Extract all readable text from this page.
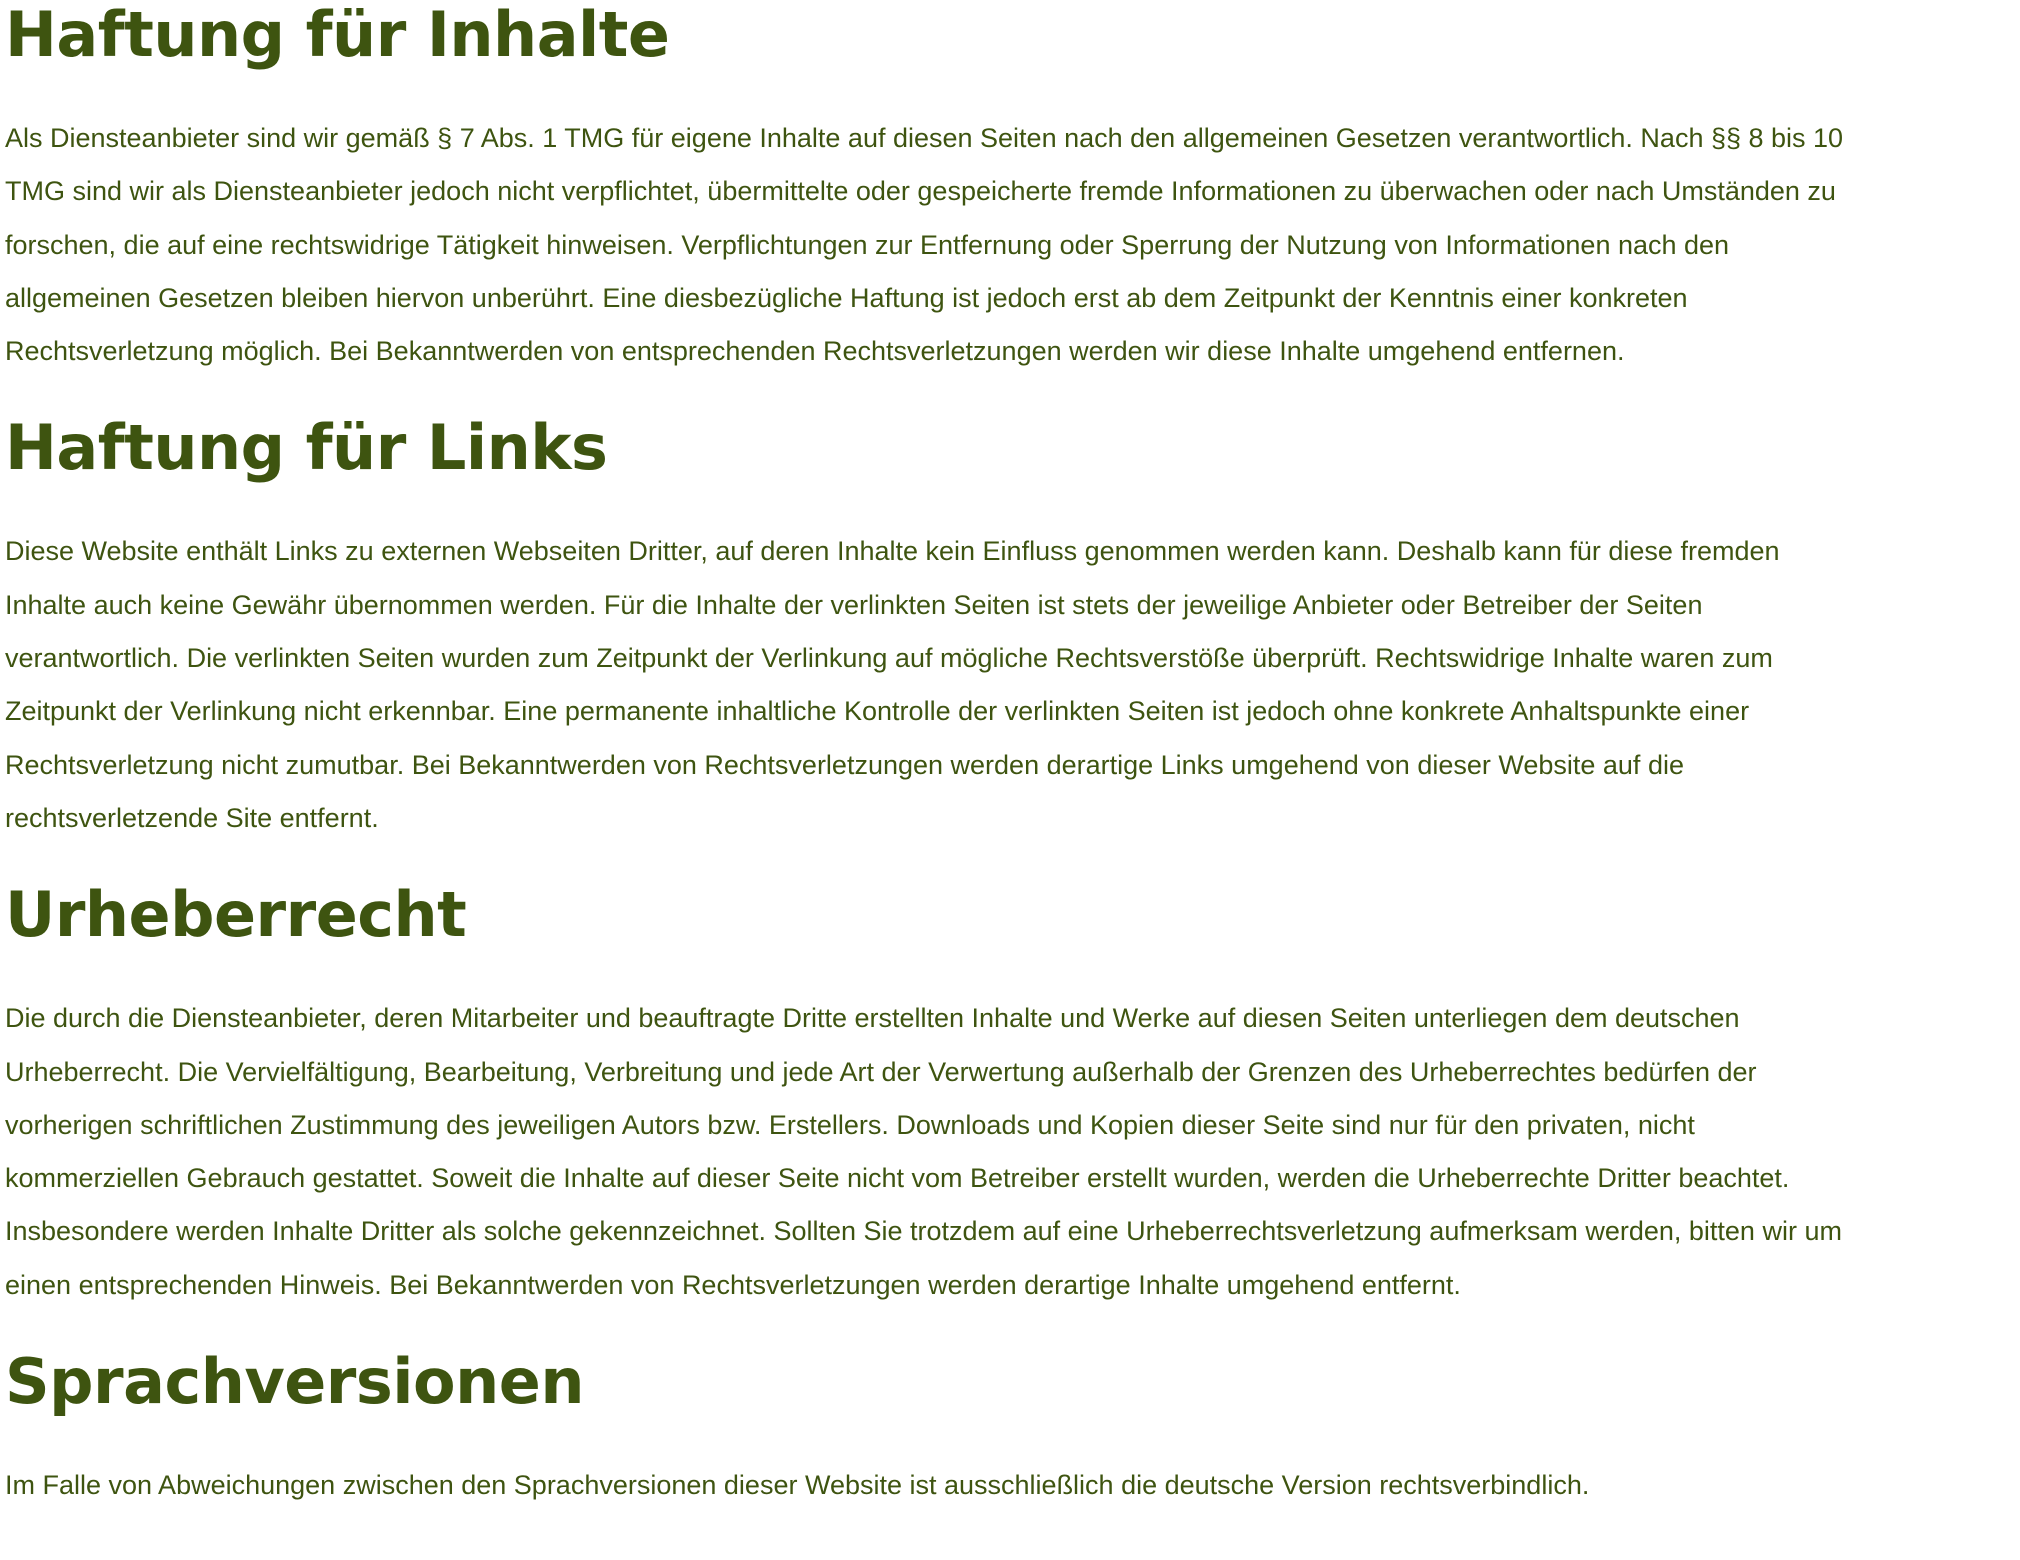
Haftung für Inhalte

Als Diensteanbieter sind wir gemäß § 7 Abs. 1 TMG für eigene Inhalte auf diesen Seiten nach den allgemeinen Gesetzen verantwortlich. Nach §§ 8 bis 10
TMG sind wir als Diensteanbieter jedoch nicht verpflichtet, übermittelte oder gespeicherte fremde Informationen zu überwachen oder nach Umständen zu
forschen, die auf eine rechtswidrige Tätigkeit hinweisen. Verpflichtungen zur Entfernung oder Sperrung der Nutzung von Informationen nach den
allgemeinen Gesetzen bleiben hiervon unberührt. Eine diesbezügliche Haftung ist jedoch erst ab dem Zeitpunkt der Kenntnis einer konkreten
Rechtsverletzung möglich. Bei Bekanntwerden von entsprechenden Rechtsverletzungen werden wir diese Inhalte umgehend entfernen.

Haftung für Links

Diese Website enthält Links zu externen Webseiten Dritter, auf deren Inhalte kein Einfluss genommen werden kann. Deshalb kann für diese fremden
Inhalte auch keine Gewähr übernommen werden. Für die Inhalte der verlinkten Seiten ist stets der jeweilige Anbieter oder Betreiber der Seiten
verantwortlich. Die verlinkten Seiten wurden zum Zeitpunkt der Verlinkung auf mögliche Rechtsverstöße überprüft. Rechtswidrige Inhalte waren zum
Zeitpunkt der Verlinkung nicht erkennbar. Eine permanente inhaltliche Kontrolle der verlinkten Seiten ist jedoch ohne konkrete Anhaltspunkte einer
Rechtsverletzung nicht zumutbar. Bei Bekanntwerden von Rechtsverletzungen werden derartige Links umgehend von dieser Website auf die
rechtsverletzende Site entfernt.

Urheberrecht

Die durch die Diensteanbieter, deren Mitarbeiter und beauftragte Dritte erstellten Inhalte und Werke auf diesen Seiten unterliegen dem deutschen
Urheberrecht. Die Vervielfältigung, Bearbeitung, Verbreitung und jede Art der Verwertung außerhalb der Grenzen des Urheberrechtes bedürfen der
vorherigen schriftlichen Zustimmung des jeweiligen Autors bzw. Erstellers. Downloads und Kopien dieser Seite sind nur für den privaten, nicht
kommerziellen Gebrauch gestattet. Soweit die Inhalte auf dieser Seite nicht vom Betreiber erstellt wurden, werden die Urheberrechte Dritter beachtet.
Insbesondere werden Inhalte Dritter als solche gekennzeichnet. Sollten Sie trotzdem auf eine Urheberrechtsverletzung aufmerksam werden, bitten wir um
einen entsprechenden Hinweis. Bei Bekanntwerden von Rechtsverletzungen werden derartige Inhalte umgehend entfernt.

Sprachversionen

Im Falle von Abweichungen zwischen den Sprachversionen dieser Website ist ausschließlich die deutsche Version rechtsverbindlich.
